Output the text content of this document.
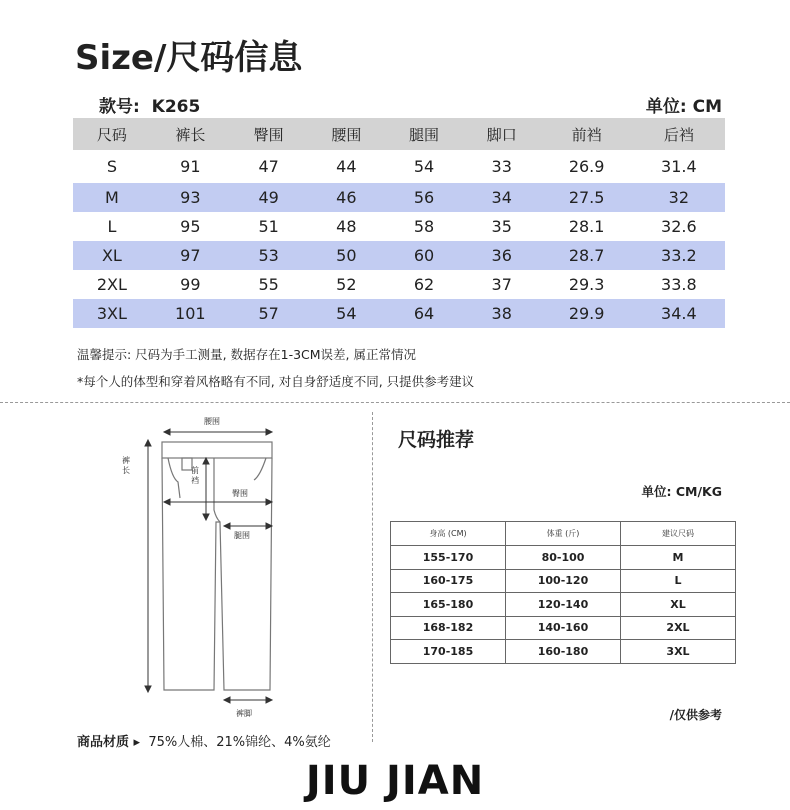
Size/尺码信息
款号: K265	单位: CM
尺码	裤长	臀围	腰围	腿围	脚口	前裆	后裆
S	91	47	44	54	33	26.9	31.4
M	93	49	46	56	34	27.5	32
L	95	51	48	58	35	28.1	32.6
XL	97	53	50	60	36	28.7	33.2
2XL	99	55	52	62	37	29.3	33.8
3XL	101	57	54	64	38	29.9	34.4
温馨提示: 尺码为手工测量, 数据存在1-3CM误差, 属正常情况
*每个人的体型和穿着风格略有不同, 对自身舒适度不同, 只提供参考建议
腰围
裤长	前裆
臀围
腿围
裤脚
尺码推荐
单位: CM/KG
身高 (CM)	体重 (斤)	建议尺码
155-170	80-100	M
160-175	100-120	L
165-180	120-140	XL
168-182	140-160	2XL
170-185	160-180	3XL
/仅供参考
商品材质 ▸ 75%人棉、21%锦纶、4%氨纶
JIU JIAN
